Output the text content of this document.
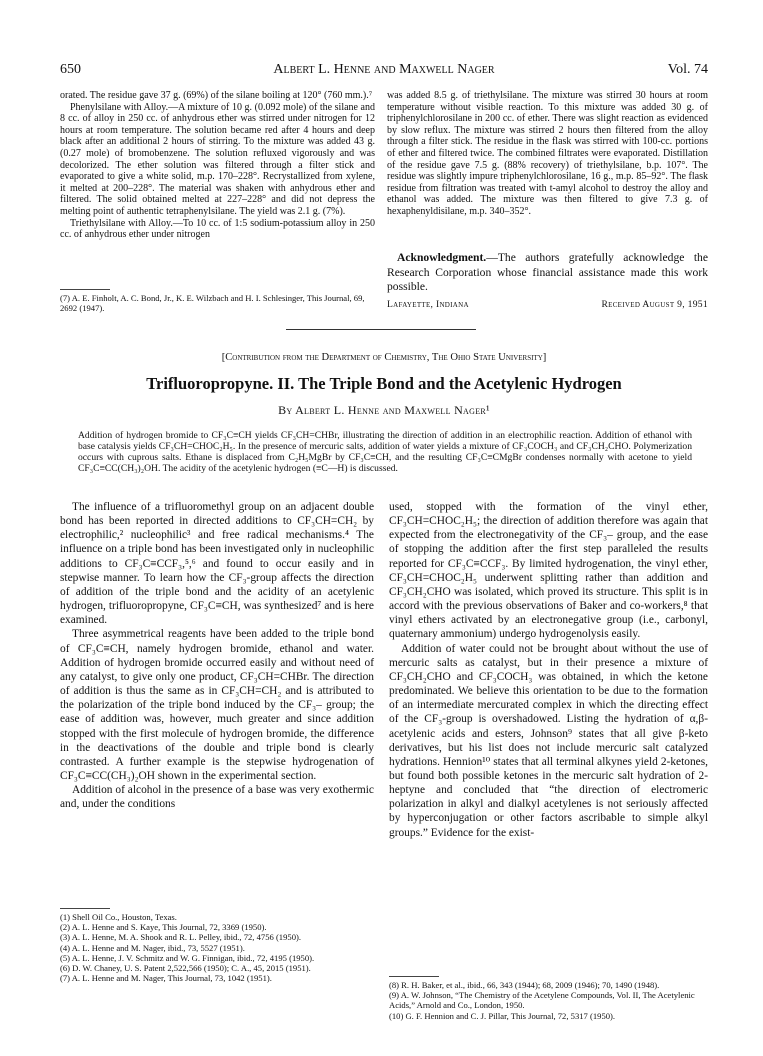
650	Albert L. Henne and Maxwell Nager	Vol. 74

orated. The residue gave 37 g. (69%) of the silane boiling at 120° (760 mm.).⁷

Phenylsilane with Alloy.—A mixture of 10 g. (0.092 mole) of the silane and 8 cc. of alloy in 250 cc. of anhydrous ether was stirred under nitrogen for 12 hours at room temperature. The solution became red after 4 hours and deep black after an additional 2 hours of stirring. To the mixture was added 43 g. (0.27 mole) of bromobenzene. The solution refluxed vigorously and was decolorized. The ether solution was filtered through a filter stick and evaporated to give a white solid, m.p. 170–228°. Recrystallized from xylene, it melted at 200–228°. The material was shaken with anhydrous ether and filtered. The solid obtained melted at 227–228° and did not depress the melting point of authentic tetraphenylsilane. The yield was 2.1 g. (7%).

Triethylsilane with Alloy.—To 10 cc. of 1:5 sodium-potassium alloy in 250 cc. of anhydrous ether under nitrogen

(7) A. E. Finholt, A. C. Bond, Jr., K. E. Wilzbach and H. I. Schlesinger, This Journal, 69, 2692 (1947).

was added 8.5 g. of triethylsilane. The mixture was stirred 30 hours at room temperature without visible reaction. To this mixture was added 30 g. of triphenylchlorosilane in 200 cc. of ether. There was slight reaction as evidenced by slow reflux. The mixture was stirred 2 hours then filtered from the alloy through a filter stick. The residue in the flask was stirred with 100-cc. portions of ether and filtered twice. The combined filtrates were evaporated. Distillation of the residue gave 7.5 g. (88% recovery) of triethylsilane, b.p. 107°. The residue was slightly impure triphenylchlorosilane, 16 g., m.p. 85–92°. The flask residue from filtration was treated with t-amyl alcohol to destroy the alloy and ethanol was added. The mixture was then filtered to give 7.3 g. of hexaphenyldisilane, m.p. 340–352°.

Acknowledgment.—The authors gratefully acknowledge the Research Corporation whose financial assistance made this work possible.
Lafayette, Indiana	Received August 9, 1951
[Contribution from the Department of Chemistry, The Ohio State University]
Trifluoropropyne. II. The Triple Bond and the Acetylenic Hydrogen
By Albert L. Henne and Maxwell Nager¹
Addition of hydrogen bromide to CF₃C≡CH yields CF₃CH=CHBr, illustrating the direction of addition in an electrophilic reaction. Addition of ethanol with base catalysis yields CF₃CH=CHOC₂H₅. In the presence of mercuric salts, addition of water yields a mixture of CF₃COCH₃ and CF₃CH₂CHO. Polymerization occurs with cuprous salts. Ethane is displaced from C₂H₅MgBr by CF₃C≡CH, and the resulting CF₃C≡CMgBr condenses normally with acetone to yield CF₃C≡CC(CH₃)₂OH. The acidity of the acetylenic hydrogen (≡C—H) is discussed.

The influence of a trifluoromethyl group on an adjacent double bond has been reported in directed additions to CF₃CH=CH₂ by electrophilic,² nucleophilic³ and free radical mechanisms.⁴ The influence on a triple bond has been investigated only in nucleophilic additions to CF₃C≡CCF₃,⁵,⁶ and found to occur easily and in stepwise manner. To learn how the CF₃-group affects the direction of addition of the triple bond and the acidity of an acetylenic hydrogen, trifluoropropyne, CF₃C≡CH, was synthesized⁷ and is here examined.

Three asymmetrical reagents have been added to the triple bond of CF₃C≡CH, namely hydrogen bromide, ethanol and water. Addition of hydrogen bromide occurred easily and without need of any catalyst, to give only one product, CF₃CH=CHBr. The direction of addition is thus the same as in CF₃CH=CH₂ and is attributed to the polarization of the triple bond induced by the CF₃– group; the ease of addition was, however, much greater and since addition stopped with the first molecule of hydrogen bromide, the difference in the deactivations of the double and triple bond is clearly contrasted. A further example is the stepwise hydrogenation of CF₃C≡CC(CH₃)₂OH shown in the experimental section.

Addition of alcohol in the presence of a base was very exothermic and, under the conditions

(1) Shell Oil Co., Houston, Texas.
(2) A. L. Henne and S. Kaye, This Journal, 72, 3369 (1950).
(3) A. L. Henne, M. A. Shook and R. L. Pelley, ibid., 72, 4756 (1950).
(4) A. L. Henne and M. Nager, ibid., 73, 5527 (1951).
(5) A. L. Henne, J. V. Schmitz and W. G. Finnigan, ibid., 72, 4195 (1950).
(6) D. W. Chaney, U. S. Patent 2,522,566 (1950); C. A., 45, 2015 (1951).
(7) A. L. Henne and M. Nager, This Journal, 73, 1042 (1951).

used, stopped with the formation of the vinyl ether, CF₃CH=CHOC₂H₅; the direction of addition therefore was again that expected from the electronegativity of the CF₃– group, and the ease of stopping the addition after the first step paralleled the results reported for CF₃C≡CCF₃. By limited hydrogenation, the vinyl ether, CF₃CH=CHOC₂H₅ underwent splitting rather than addition and CF₃CH₂CHO was isolated, which proved its structure. This split is in accord with the previous observations of Baker and co-workers,⁸ that vinyl ethers activated by an electronegative group (i.e., carbonyl, quaternary ammonium) undergo hydrogenolysis easily.

Addition of water could not be brought about without the use of mercuric salts as catalyst, but in their presence a mixture of CF₃CH₂CHO and CF₃COCH₃ was obtained, in which the ketone predominated. We believe this orientation to be due to the formation of an intermediate mercurated complex in which the directing effect of the CF₃-group is overshadowed. Listing the hydration of α,β-acetylenic acids and esters, Johnson⁹ states that all give β-keto derivatives, but his list does not include mercuric salt catalyzed hydrations. Hennion¹⁰ states that all terminal alkynes yield 2-ketones, but found both possible ketones in the mercuric salt hydration of 2-heptyne and concluded that “the direction of electromeric polarization in alkyl and dialkyl acetylenes is not seriously affected by hyperconjugation or other factors ascribable to simple alkyl groups.” Evidence for the exist-

(8) R. H. Baker, et al., ibid., 66, 343 (1944); 68, 2009 (1946); 70, 1490 (1948).
(9) A. W. Johnson, “The Chemistry of the Acetylene Compounds, Vol. II, The Acetylenic Acids,” Arnold and Co., London, 1950.
(10) G. F. Hennion and C. J. Pillar, This Journal, 72, 5317 (1950).
